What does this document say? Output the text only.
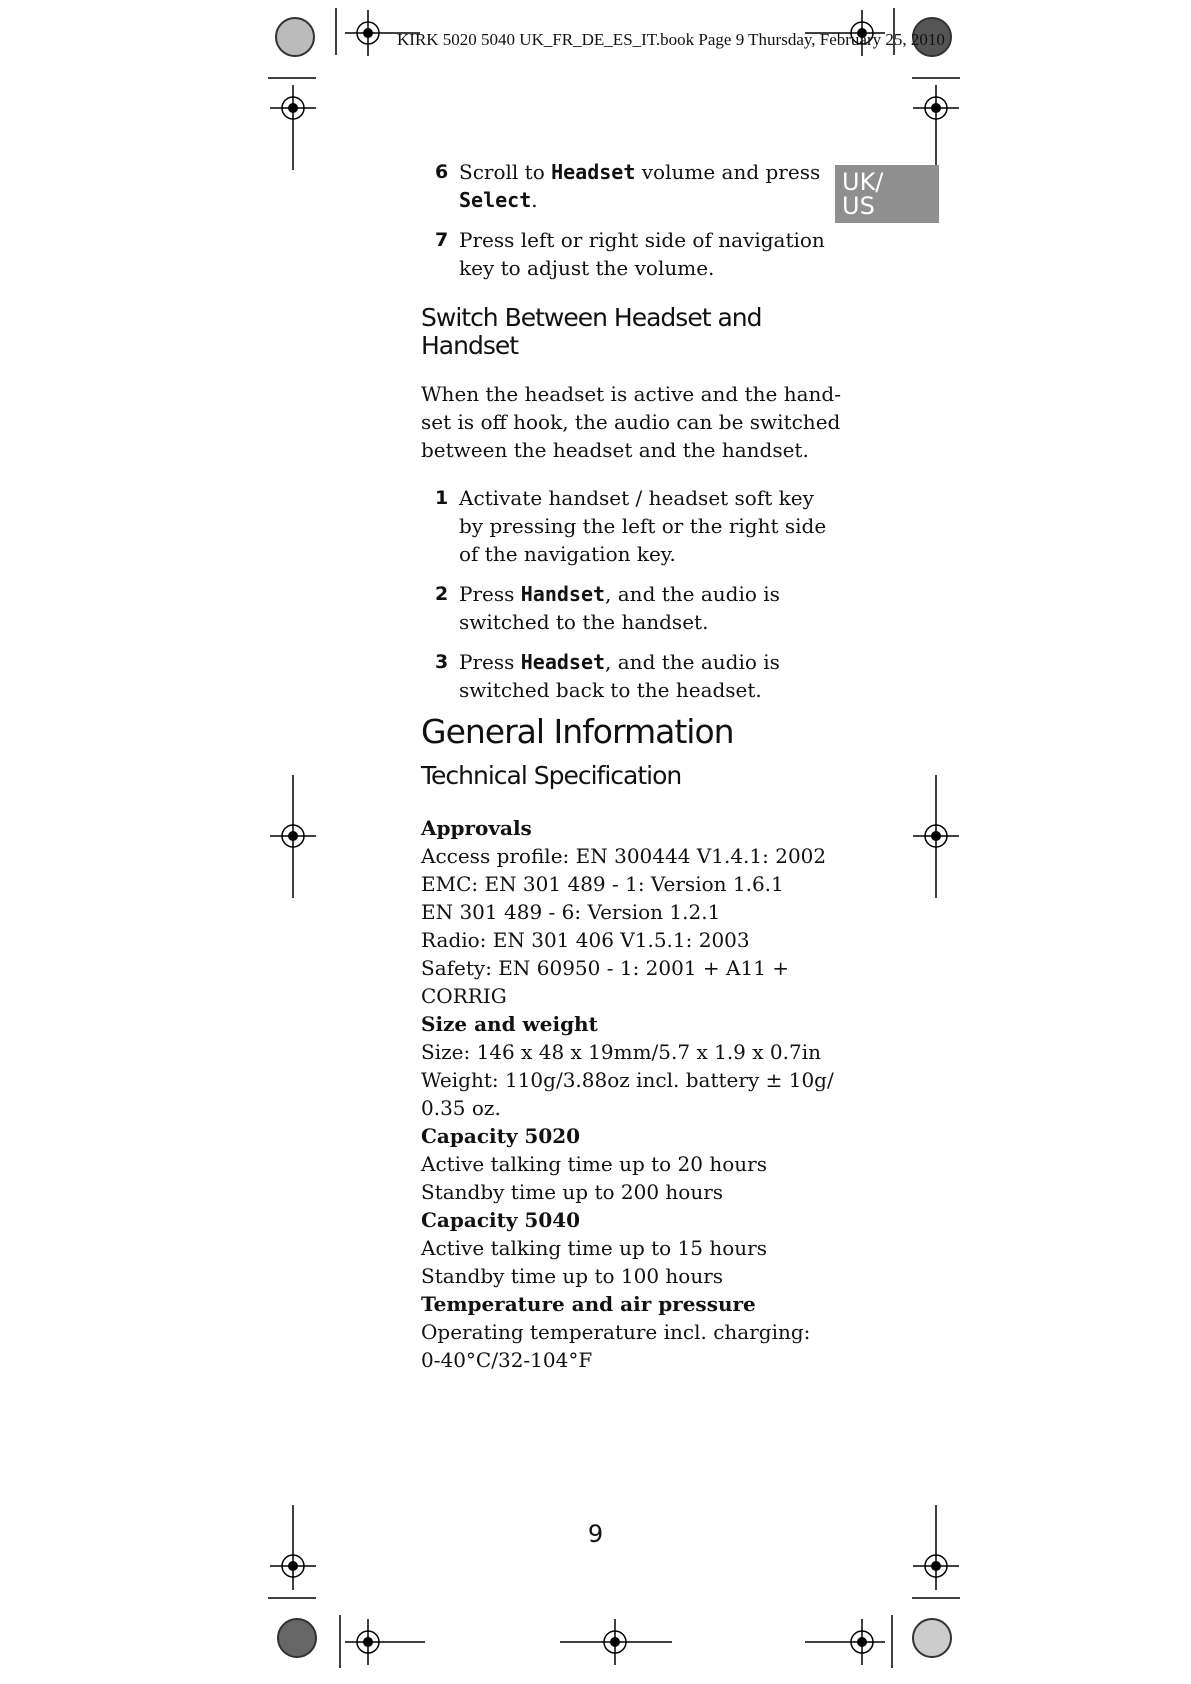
KIRK 5020 5040 UK_FR_DE_ES_IT.book Page 9 Thursday, February 25, 2010
UK/
US
6 Scroll to Headset volume and press
Select.
7 Press left or right side of navigation key to adjust the volume.
Switch Between Headset and Handset

When the headset is active and the hand-set is off hook, the audio can be switched between the headset and the handset.

1 Activate handset / headset soft key by pressing the left or the right side of the navigation key.
2 Press Handset, and the audio is switched to the handset.
3 Press Headset, and the audio is switched back to the headset.
General Information
Technical Specification
Approvals
Access profile: EN 300444 V1.4.1: 2002
EMC: EN 301 489 - 1: Version 1.6.1
EN 301 489 - 6: Version 1.2.1
Radio: EN 301 406 V1.5.1: 2003
Safety: EN 60950 - 1: 2001 + A11 + CORRIG
Size and weight
Size: 146 x 48 x 19mm/5.7 x 1.9 x 0.7in
Weight: 110g/3.88oz incl. battery ± 10g/ 0.35 oz.
Capacity 5020
Active talking time up to 20 hours
Standby time up to 200 hours
Capacity 5040
Active talking time up to 15 hours
Standby time up to 100 hours
Temperature and air pressure
Operating temperature incl. charging:
0-40°C/32-104°F
9
